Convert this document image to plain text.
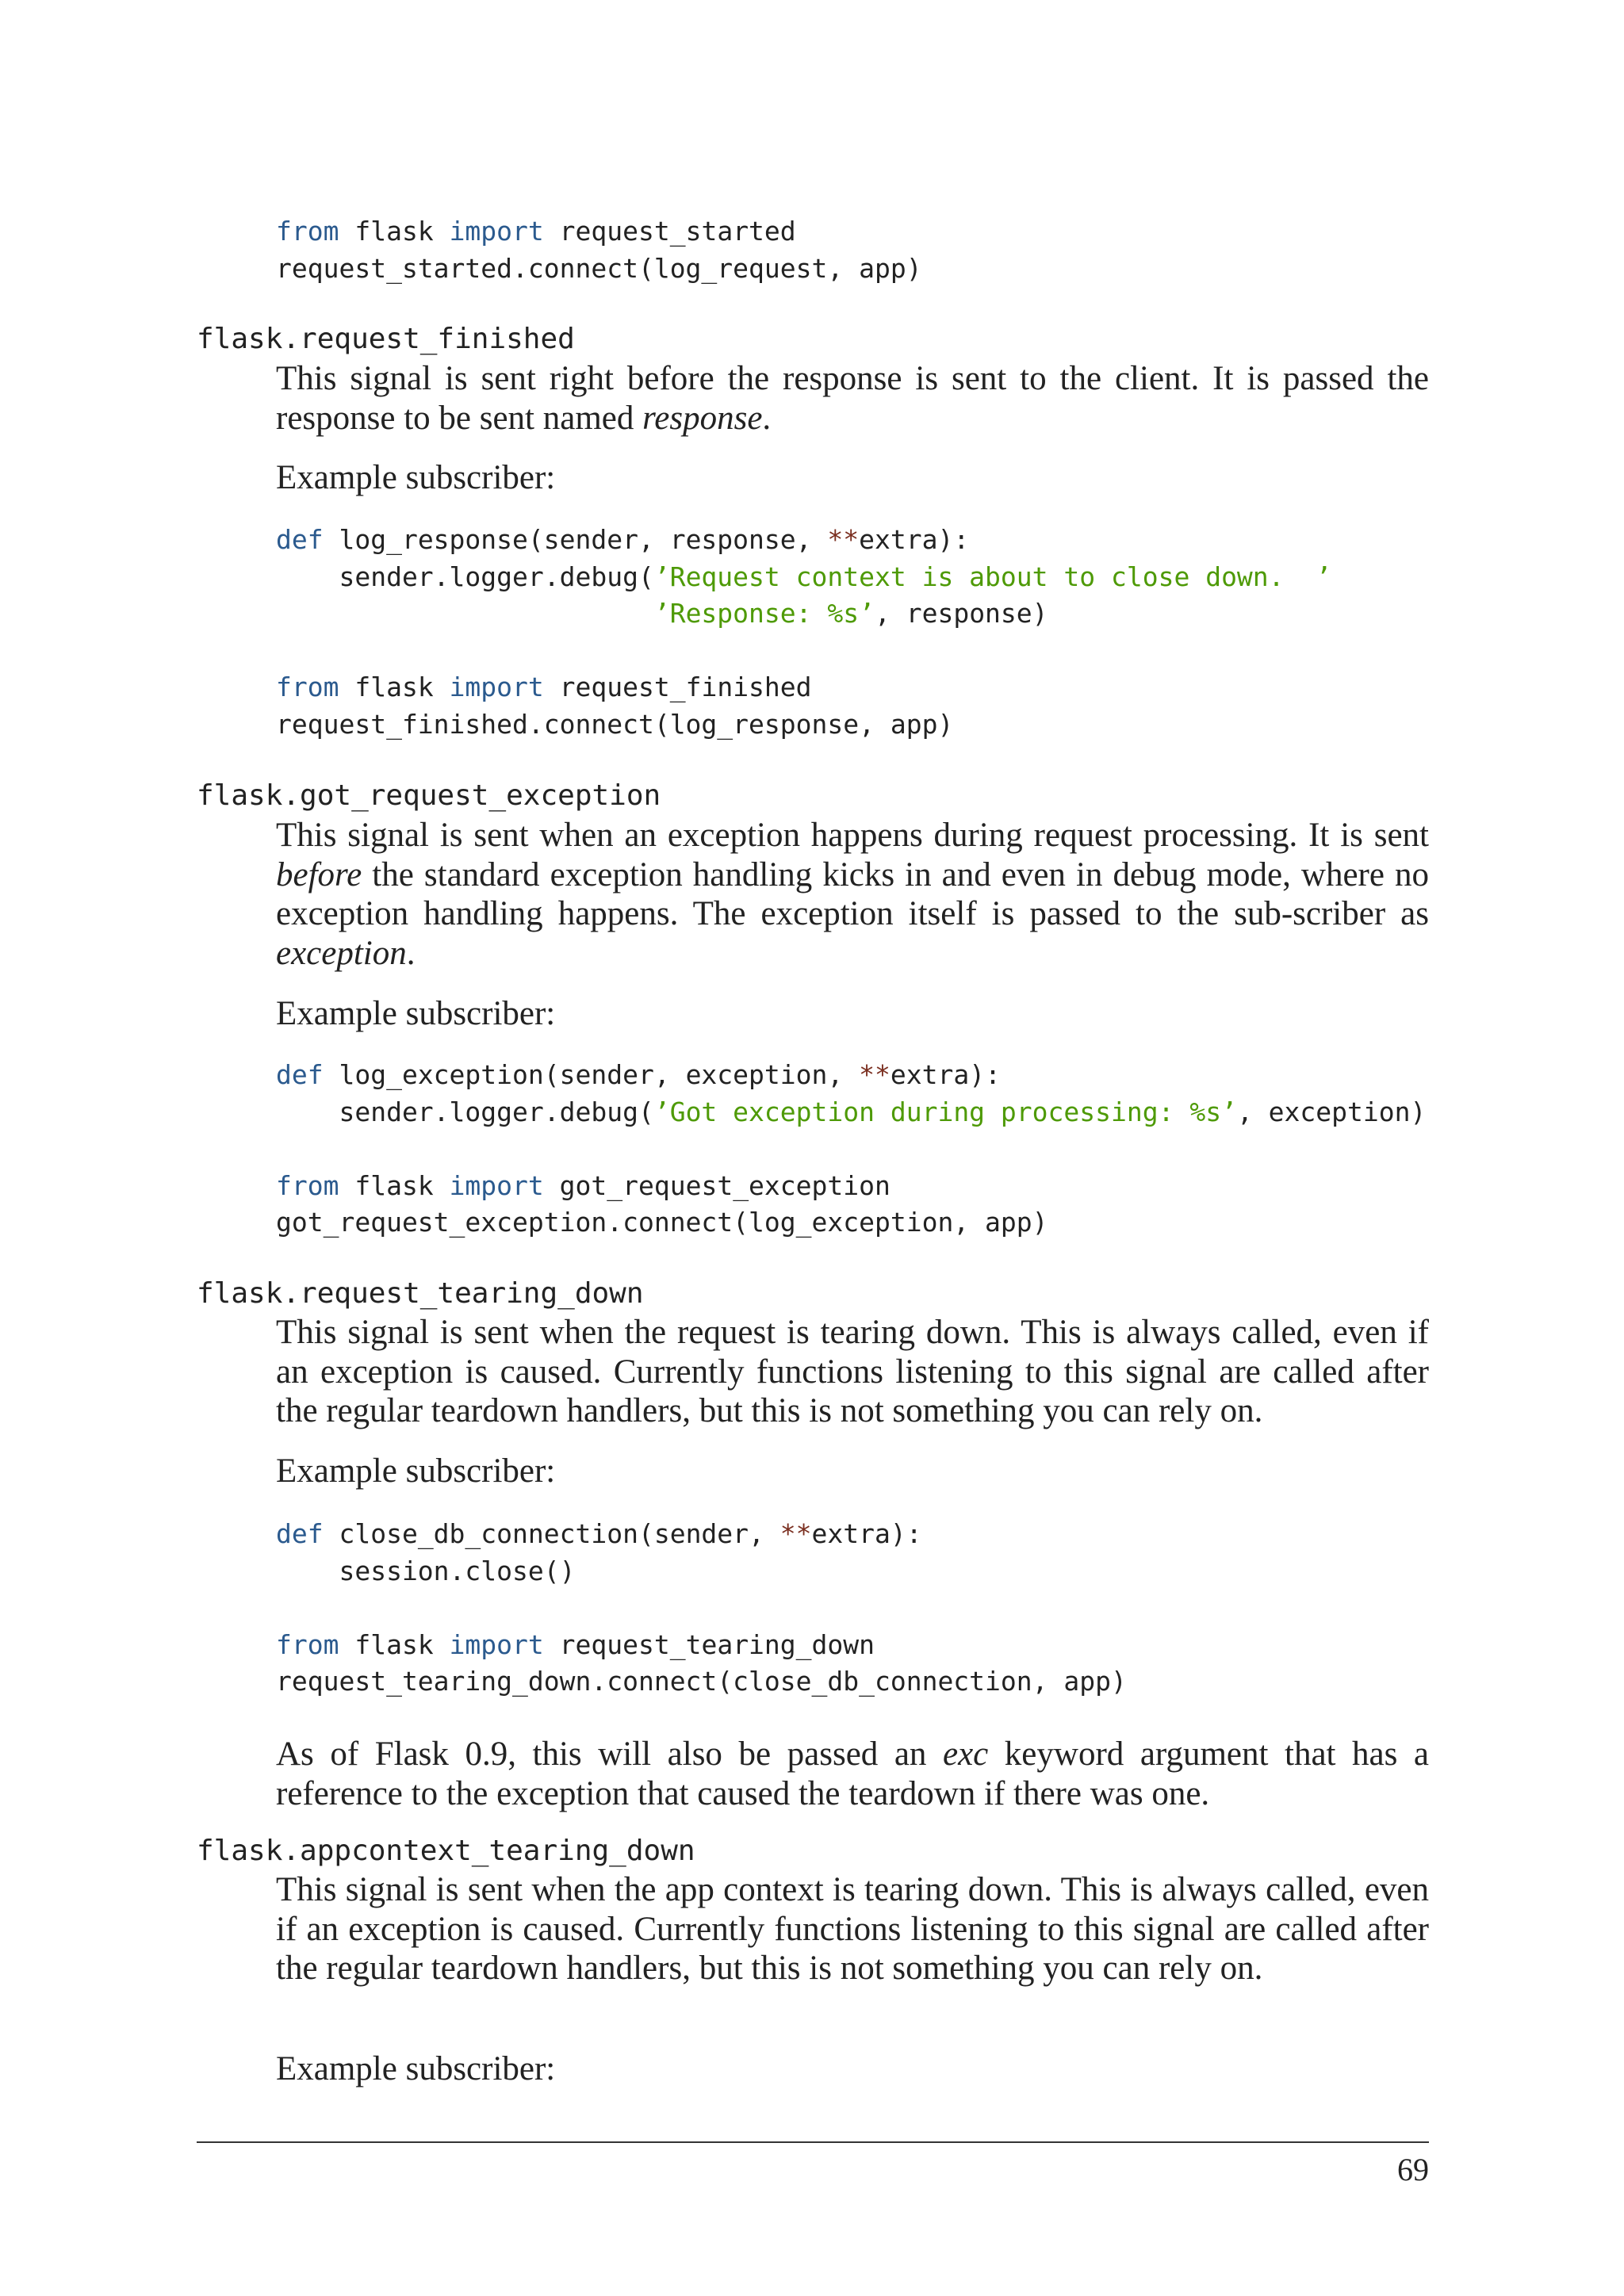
from flask import request_started
request_started.connect(log_request, app)

flask.request_finished

This signal is sent right before the response is sent to the client. It is passed the response to be sent named response.

Example subscriber:

def log_response(sender, response, **extra):
sender.logger.debug(’Request context is about to close down.  ’
’Response: %s’, response)

from flask import request_finished
request_finished.connect(log_response, app)

flask.got_request_exception

This signal is sent when an exception happens during request processing. It is sent before the standard exception handling kicks in and even in debug mode, where no exception handling happens. The exception itself is passed to the sub-scriber as exception.

Example subscriber:

def log_exception(sender, exception, **extra):
sender.logger.debug(’Got exception during processing: %s’, exception)

from flask import got_request_exception
got_request_exception.connect(log_exception, app)

flask.request_tearing_down

This signal is sent when the request is tearing down. This is always called, even if an exception is caused. Currently functions listening to this signal are called after the regular teardown handlers, but this is not something you can rely on.

Example subscriber:

def close_db_connection(sender, **extra):
session.close()

from flask import request_tearing_down
request_tearing_down.connect(close_db_connection, app)

As of Flask 0.9, this will also be passed an exc keyword argument that has a reference to the exception that caused the teardown if there was one.

flask.appcontext_tearing_down

This signal is sent when the app context is tearing down. This is always called, even if an exception is caused. Currently functions listening to this signal are called after the regular teardown handlers, but this is not something you can rely on.

Example subscriber:

69
